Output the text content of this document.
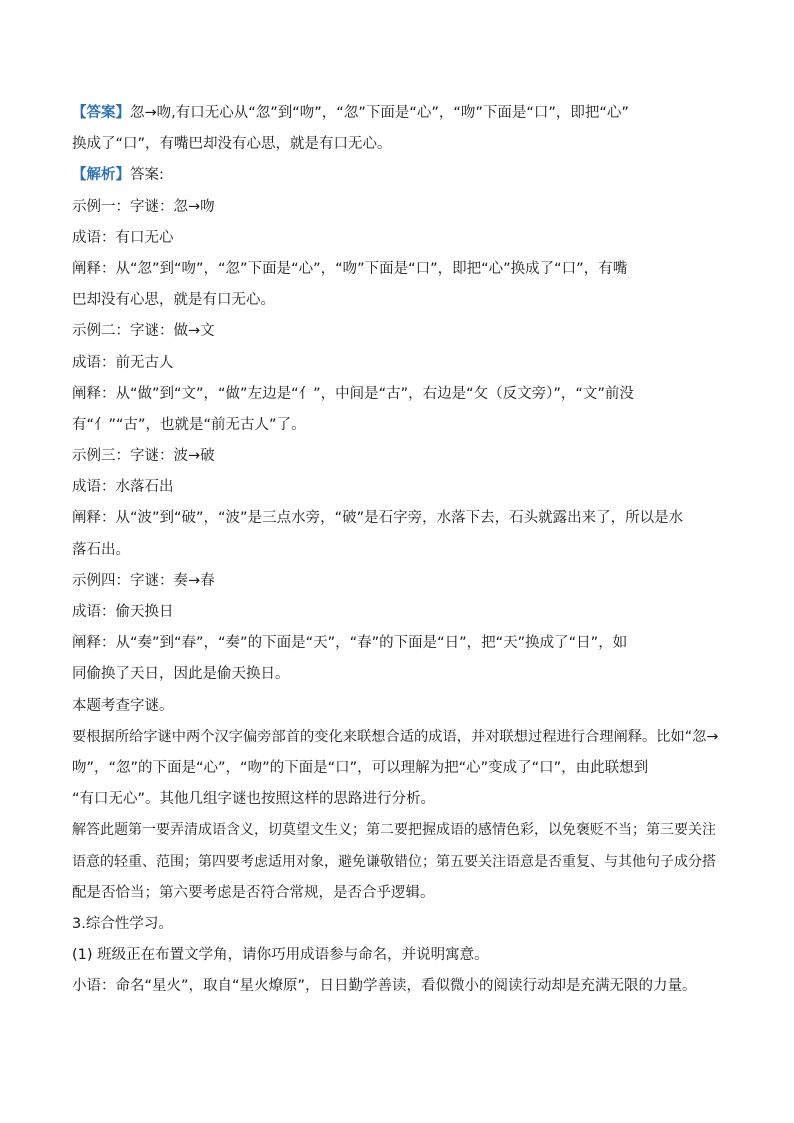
【答案】忽→吻,有口无心从“忽”到“吻”，“忽”下面是“心”，“吻”下面是“口”，即把“心”
换成了“口”，有嘴巴却没有心思，就是有口无心。
【解析】答案:
示例一：字谜：忽→吻
成语：有口无心
阐释：从“忽”到“吻”，“忽”下面是“心”，“吻”下面是“口”，即把“心”换成了“口”，有嘴
巴却没有心思，就是有口无心。
示例二：字谜：做→文
成语：前无古人
阐释：从“做”到“文”，“做”左边是“亻”，中间是“古”，右边是“攵（反文旁）”，“文”前没
有“亻”“古”，也就是“前无古人”了。
示例三：字谜：波→破
成语：水落石出
阐释：从“波”到“破”，“波”是三点水旁，“破”是石字旁，水落下去，石头就露出来了，所以是水
落石出。
示例四：字谜：奏→春
成语：偷天换日
阐释：从“奏”到“春”，“奏”的下面是“天”，“春”的下面是“日”，把“天”换成了“日”，如
同偷换了天日，因此是偷天换日。
本题考查字谜。
要根据所给字谜中两个汉字偏旁部首的变化来联想合适的成语，并对联想过程进行合理阐释。比如“忽→
吻”，“忽”的下面是“心”，“吻”的下面是“口”，可以理解为把“心”变成了“口”，由此联想到
“有口无心”。其他几组字谜也按照这样的思路进行分析。
解答此题第一要弄清成语含义，切莫望文生义；第二要把握成语的感情色彩，以免褒贬不当；第三要关注
语意的轻重、范围；第四要考虑适用对象，避免谦敬错位；第五要关注语意是否重复、与其他句子成分搭
配是否恰当；第六要考虑是否符合常规，是否合乎逻辑。
3.综合性学习。
(1) 班级正在布置文学角，请你巧用成语参与命名，并说明寓意。
小语：命名“星火”，取自“星火燎原”，日日勤学善读，看似微小的阅读行动却是充满无限的力量。
